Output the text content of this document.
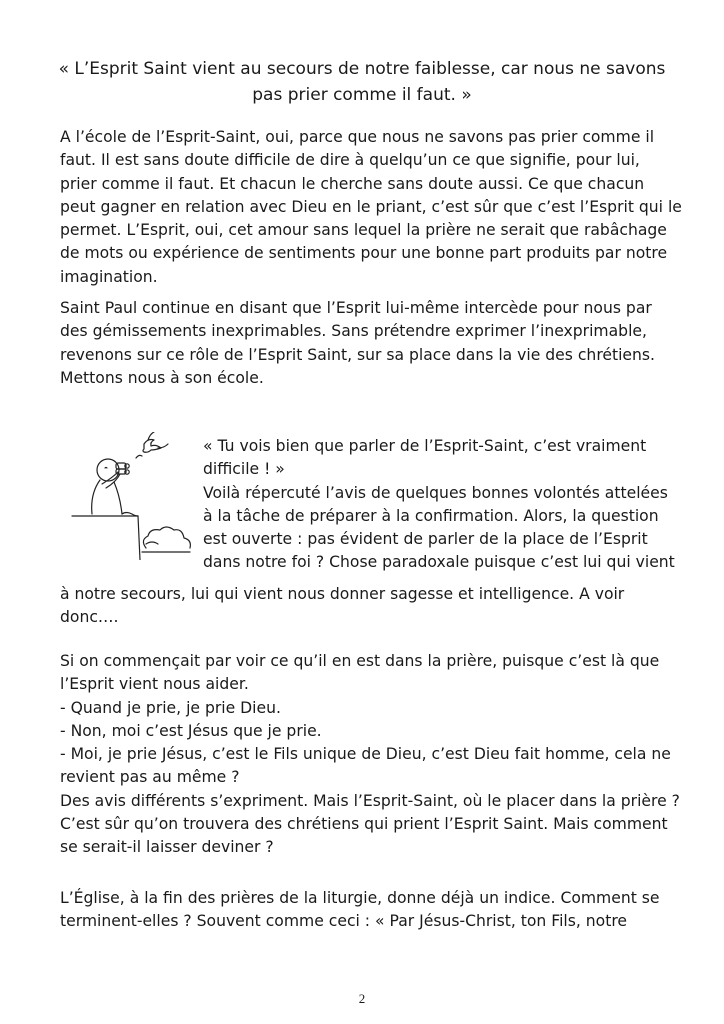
« L’Esprit Saint vient au secours de notre faiblesse, car nous ne savons
pas prier comme il faut. »

A l’école de l’Esprit-Saint, oui, parce que nous ne savons pas prier comme il
faut. Il est sans doute difficile de dire à quelqu’un ce que signifie, pour lui,
prier comme il faut. Et chacun le cherche sans doute aussi. Ce que chacun
peut gagner en relation avec Dieu en le priant, c’est sûr que c’est l’Esprit qui le
permet. L’Esprit, oui, cet amour sans lequel la prière ne serait que rabâchage
de mots ou expérience de sentiments pour une bonne part produits par notre
imagination.

Saint Paul continue en disant que l’Esprit lui-même intercède pour nous par
des gémissements inexprimables. Sans prétendre exprimer l’inexprimable,
revenons sur ce rôle de l’Esprit Saint, sur sa place dans la vie des chrétiens.
Mettons nous à son école.

« Tu vois bien que parler de l’Esprit-Saint, c’est vraiment
difficile ! »
Voilà répercuté l’avis de quelques bonnes volontés attelées
à la tâche de préparer à la confirmation. Alors, la question
est ouverte : pas évident de parler de la place de l’Esprit
dans notre foi ? Chose paradoxale puisque c’est lui qui vient

à notre secours, lui qui vient nous donner sagesse et intelligence. A voir
donc….

Si on commençait par voir ce qu’il en est dans la prière, puisque c’est là que
l’Esprit vient nous aider.
- Quand je prie, je prie Dieu.
- Non, moi c’est Jésus que je prie.
- Moi, je prie Jésus, c’est le Fils unique de Dieu, c’est Dieu fait homme, cela ne
revient pas au même ?
Des avis différents s’expriment. Mais l’Esprit-Saint, où le placer dans la prière ?
C’est sûr qu’on trouvera des chrétiens qui prient l’Esprit Saint. Mais comment
se serait-il laisser deviner ?

L’Église, à la fin des prières de la liturgie, donne déjà un indice. Comment se
terminent-elles ? Souvent comme ceci : « Par Jésus-Christ, ton Fils, notre

2
